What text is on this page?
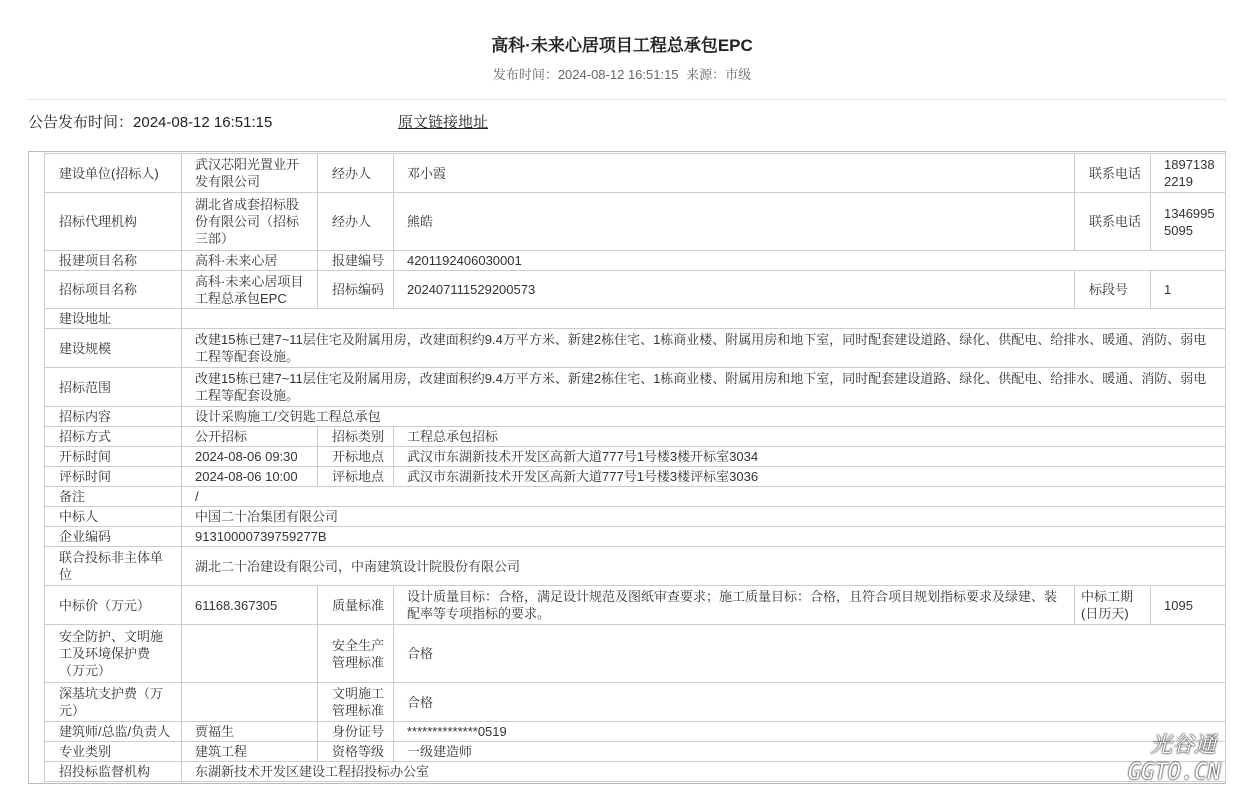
高科·未来心居项目工程总承包EPC
发布时间：2024-08-12 16:51:15 来源：市级
公告发布时间：2024-08-12 16:51:15	原文链接地址
建设单位(招标人)	武汉芯阳光置业开发有限公司	经办人	邓小霞	联系电话	18971382219
招标代理机构	湖北省成套招标股份有限公司（招标三部）	经办人	熊皓	联系电话	13469955095
报建项目名称	高科·未来心居	报建编号	4201192406030001		
招标项目名称	高科·未来心居项目工程总承包EPC	招标编码	202407111529200573	标段号	1
建设地址					
建设规模	改建15栋已建7~11层住宅及附属用房，改建面积约9.4万平方米、新建2栋住宅、1栋商业楼、附属用房和地下室，同时配套建设道路、绿化、供配电、给排水、暖通、消防、弱电工程等配套设施。				
招标范围	改建15栋已建7~11层住宅及附属用房，改建面积约9.4万平方米、新建2栋住宅、1栋商业楼、附属用房和地下室，同时配套建设道路、绿化、供配电、给排水、暖通、消防、弱电工程等配套设施。				
招标内容	设计采购施工/交钥匙工程总承包				
招标方式	公开招标	招标类别	工程总承包招标		
开标时间	2024-08-06 09:30	开标地点	武汉市东湖新技术开发区高新大道777号1号楼3楼开标室3034		
评标时间	2024-08-06 10:00	评标地点	武汉市东湖新技术开发区高新大道777号1号楼3楼评标室3036		
备注	/				
中标人	中国二十冶集团有限公司				
企业编码	91310000739759277B				
联合投标非主体单位	湖北二十冶建设有限公司，中南建筑设计院股份有限公司				
中标价（万元）	61168.367305	质量标准	设计质量目标：合格，满足设计规范及图纸审查要求；施工质量目标：合格，且符合项目规划指标要求及绿建、装配率等专项指标的要求。	中标工期(日历天)	1095
安全防护、文明施工及环境保护费（万元）		安全生产管理标准	合格		
深基坑支护费（万元）		文明施工管理标准	合格		
建筑师/总监/负责人	贾福生	身份证号	**************0519		
专业类别	建筑工程	资格等级	一级建造师		
招投标监督机构	东湖新技术开发区建设工程招投标办公室				
光谷通
GGTO.CN
